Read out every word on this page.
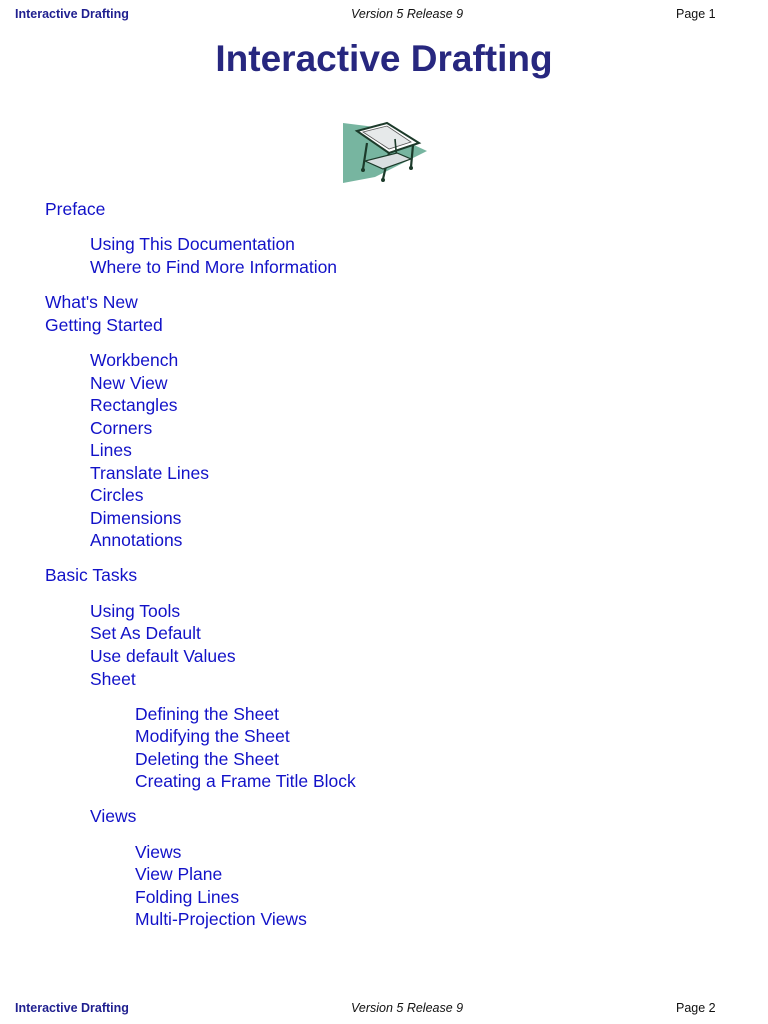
Interactive Drafting	Version 5 Release 9	Page 1
Interactive Drafting
Preface
Using This Documentation
Where to Find More Information
What's New
Getting Started
Workbench
New View
Rectangles
Corners
Lines
Translate Lines
Circles
Dimensions
Annotations
Basic Tasks
Using Tools
Set As Default
Use default Values
Sheet
Defining the Sheet
Modifying the Sheet
Deleting the Sheet
Creating a Frame Title Block
Views
Views
View Plane
Folding Lines
Multi-Projection Views
Interactive Drafting	Version 5 Release 9	Page 2
